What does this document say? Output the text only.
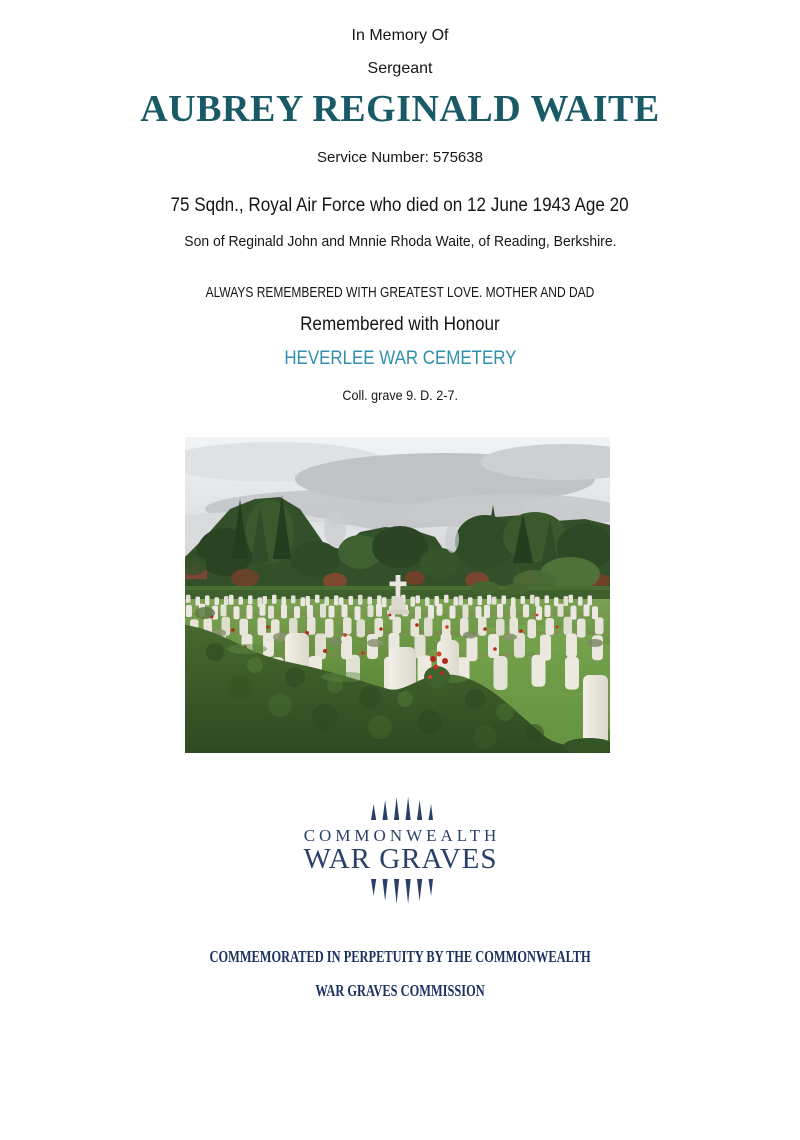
In Memory Of
Sergeant
AUBREY REGINALD WAITE
Service Number: 575638
75 Sqdn., Royal Air Force who died on 12 June 1943 Age 20
Son of Reginald John and Mnnie Rhoda Waite, of Reading, Berkshire.
ALWAYS REMEMBERED WITH GREATEST LOVE. MOTHER AND DAD
Remembered with Honour
HEVERLEE WAR CEMETERY
Coll. grave 9. D. 2-7.
COMMONWEALTH
WAR GRAVES
COMMEMORATED IN PERPETUITY BY THE COMMONWEALTH
WAR GRAVES COMMISSION
